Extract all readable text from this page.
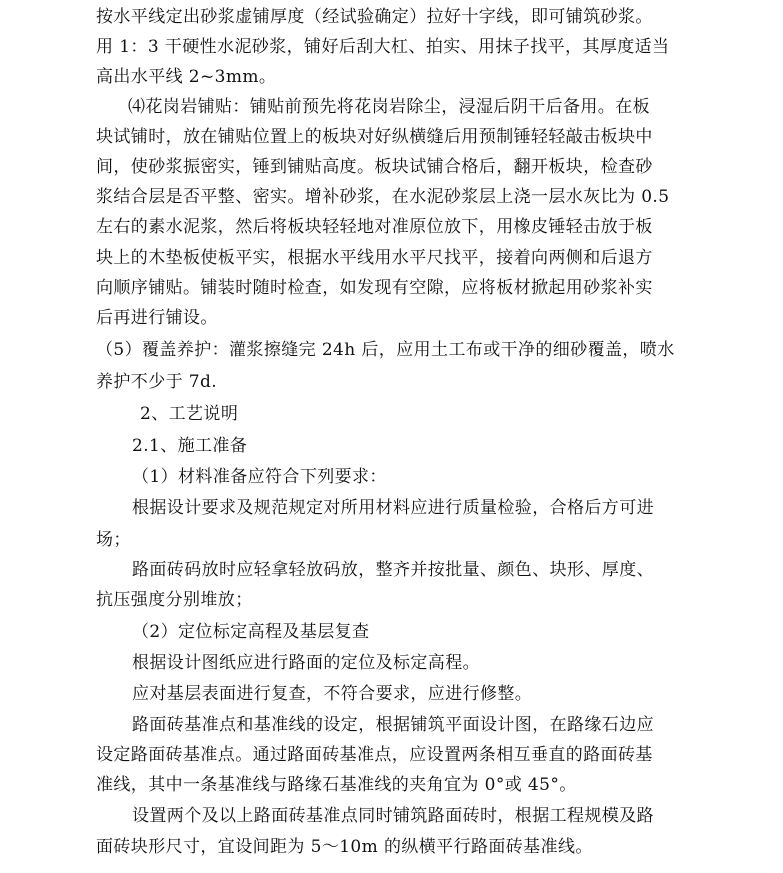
按水平线定出砂浆虚铺厚度（经试验确定）拉好十字线，即可铺筑砂浆。
用 1：3 干硬性水泥砂浆，铺好后刮大杠、拍实、用抹子找平，其厚度适当
高出水平线 2~3mm。
⑷花岗岩铺贴：铺贴前预先将花岗岩除尘，浸湿后阴干后备用。在板
块试铺时，放在铺贴位置上的板块对好纵横缝后用预制锤轻轻敲击板块中
间，使砂浆振密实，锤到铺贴高度。板块试铺合格后，翻开板块，检查砂
浆结合层是否平整、密实。增补砂浆，在水泥砂浆层上浇一层水灰比为 0.5
左右的素水泥浆，然后将板块轻轻地对准原位放下，用橡皮锤轻击放于板
块上的木垫板使板平实，根据水平线用水平尺找平，接着向两侧和后退方
向顺序铺贴。铺装时随时检查，如发现有空隙，应将板材掀起用砂浆补实
后再进行铺设。
（5）覆盖养护：灌浆擦缝完 24h 后，应用土工布或干净的细砂覆盖，喷水
养护不少于 7d.
2、工艺说明
2.1、施工准备
（1）材料准备应符合下列要求：
根据设计要求及规范规定对所用材料应进行质量检验，合格后方可进
场；
路面砖码放时应轻拿轻放码放，整齐并按批量、颜色、块形、厚度、
抗压强度分别堆放；
（2）定位标定高程及基层复查
根据设计图纸应进行路面的定位及标定高程。
应对基层表面进行复查，不符合要求，应进行修整。
路面砖基准点和基准线的设定，根据铺筑平面设计图，在路缘石边应
设定路面砖基准点。通过路面砖基准点，应设置两条相互垂直的路面砖基
准线，其中一条基准线与路缘石基准线的夹角宜为 0°或 45°。
设置两个及以上路面砖基准点同时铺筑路面砖时，根据工程规模及路
面砖块形尺寸，宜设间距为 5～10m 的纵横平行路面砖基准线。
